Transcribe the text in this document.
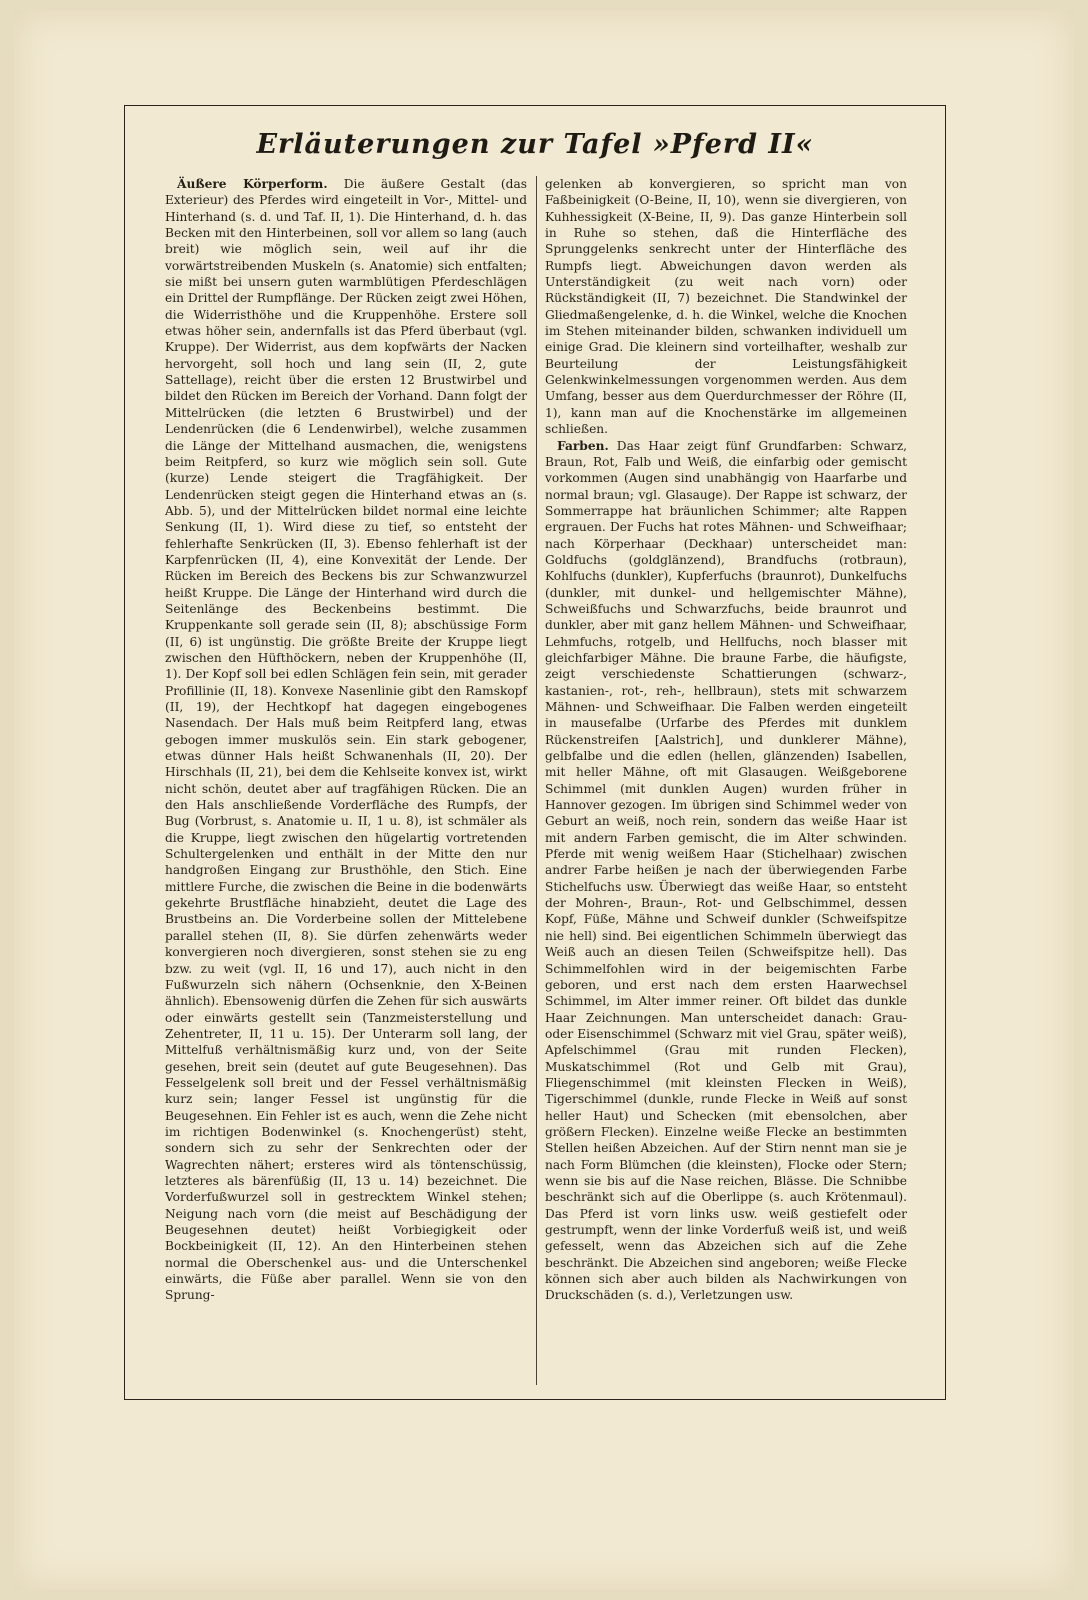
Erläuterungen zur Tafel »Pferd II«

Äußere Körperform. Die äußere Gestalt (das Exterieur) des Pferdes wird eingeteilt in Vor-, Mittel- und Hinterhand (s. d. und Taf. II, 1). Die Hinterhand, d. h. das Becken mit den Hinterbeinen, soll vor allem so lang (auch breit) wie möglich sein, weil auf ihr die vorwärtstreibenden Muskeln (s. Anatomie) sich entfalten; sie mißt bei unsern guten warmblütigen Pferdeschlägen ein Drittel der Rumpflänge. Der Rücken zeigt zwei Höhen, die Widerristhöhe und die Kruppenhöhe. Erstere soll etwas höher sein, andernfalls ist das Pferd überbaut (vgl. Kruppe). Der Widerrist, aus dem kopfwärts der Nacken hervorgeht, soll hoch und lang sein (II, 2, gute Sattellage), reicht über die ersten 12 Brustwirbel und bildet den Rücken im Bereich der Vorhand. Dann folgt der Mittelrücken (die letzten 6 Brustwirbel) und der Lendenrücken (die 6 Lendenwirbel), welche zusammen die Länge der Mittelhand ausmachen, die, wenigstens beim Reitpferd, so kurz wie möglich sein soll. Gute (kurze) Lende steigert die Tragfähigkeit. Der Lendenrücken steigt gegen die Hinterhand etwas an (s. Abb. 5), und der Mittelrücken bildet normal eine leichte Senkung (II, 1). Wird diese zu tief, so entsteht der fehlerhafte Senkrücken (II, 3). Ebenso fehlerhaft ist der Karpfenrücken (II, 4), eine Konvexität der Lende. Der Rücken im Bereich des Beckens bis zur Schwanzwurzel heißt Kruppe. Die Länge der Hinterhand wird durch die Seitenlänge des Beckenbeins bestimmt. Die Kruppenkante soll gerade sein (II, 8); abschüssige Form (II, 6) ist ungünstig. Die größte Breite der Kruppe liegt zwischen den Hüfthöckern, neben der Kruppenhöhe (II, 1). Der Kopf soll bei edlen Schlägen fein sein, mit gerader Profillinie (II, 18). Konvexe Nasenlinie gibt den Ramskopf (II, 19), der Hechtkopf hat dagegen eingebogenes Nasendach. Der Hals muß beim Reitpferd lang, etwas gebogen immer muskulös sein. Ein stark gebogener, etwas dünner Hals heißt Schwanenhals (II, 20). Der Hirschhals (II, 21), bei dem die Kehlseite konvex ist, wirkt nicht schön, deutet aber auf tragfähigen Rücken. Die an den Hals anschließende Vorderfläche des Rumpfs, der Bug (Vorbrust, s. Anatomie u. II, 1 u. 8), ist schmäler als die Kruppe, liegt zwischen den hügelartig vortretenden Schultergelenken und enthält in der Mitte den nur handgroßen Eingang zur Brusthöhle, den Stich. Eine mittlere Furche, die zwischen die Beine in die bodenwärts gekehrte Brustfläche hinabzieht, deutet die Lage des Brustbeins an. Die Vorderbeine sollen der Mittelebene parallel stehen (II, 8). Sie dürfen zehenwärts weder konvergieren noch divergieren, sonst stehen sie zu eng bzw. zu weit (vgl. II, 16 und 17), auch nicht in den Fußwurzeln sich nähern (Ochsenknie, den X-Beinen ähnlich). Ebensowenig dürfen die Zehen für sich auswärts oder einwärts gestellt sein (Tanzmeisterstellung und Zehentreter, II, 11 u. 15). Der Unterarm soll lang, der Mittelfuß verhältnismäßig kurz und, von der Seite gesehen, breit sein (deutet auf gute Beugesehnen). Das Fesselgelenk soll breit und der Fessel verhältnismäßig kurz sein; langer Fessel ist ungünstig für die Beugesehnen. Ein Fehler ist es auch, wenn die Zehe nicht im richtigen Bodenwinkel (s. Knochengerüst) steht, sondern sich zu sehr der Senkrechten oder der Wagrechten nähert; ersteres wird als töntenschüssig, letzteres als bärenfüßig (II, 13 u. 14) bezeichnet. Die Vorderfußwurzel soll in gestrecktem Winkel stehen; Neigung nach vorn (die meist auf Beschädigung der Beugesehnen deutet) heißt Vorbiegigkeit oder Bockbeinigkeit (II, 12). An den Hinterbeinen stehen normal die Oberschenkel aus- und die Unterschenkel einwärts, die Füße aber parallel. Wenn sie von den Sprung-

gelenken ab konvergieren, so spricht man von Faßbeinigkeit (O-Beine, II, 10), wenn sie divergieren, von Kuhhessigkeit (X-Beine, II, 9). Das ganze Hinterbein soll in Ruhe so stehen, daß die Hinterfläche des Sprunggelenks senkrecht unter der Hinterfläche des Rumpfs liegt. Abweichungen davon werden als Unterständigkeit (zu weit nach vorn) oder Rückständigkeit (II, 7) bezeichnet. Die Standwinkel der Gliedmaßengelenke, d. h. die Winkel, welche die Knochen im Stehen miteinander bilden, schwanken individuell um einige Grad. Die kleinern sind vorteilhafter, weshalb zur Beurteilung der Leistungsfähigkeit Gelenkwinkelmessungen vorgenommen werden. Aus dem Umfang, besser aus dem Querdurchmesser der Röhre (II, 1), kann man auf die Knochenstärke im allgemeinen schließen.

Farben. Das Haar zeigt fünf Grundfarben: Schwarz, Braun, Rot, Falb und Weiß, die einfarbig oder gemischt vorkommen (Augen sind unabhängig von Haarfarbe und normal braun; vgl. Glasauge). Der Rappe ist schwarz, der Sommerrappe hat bräunlichen Schimmer; alte Rappen ergrauen. Der Fuchs hat rotes Mähnen- und Schweifhaar; nach Körperhaar (Deckhaar) unterscheidet man: Goldfuchs (goldglänzend), Brandfuchs (rotbraun), Kohlfuchs (dunkler), Kupferfuchs (braunrot), Dunkelfuchs (dunkler, mit dunkel- und hellgemischter Mähne), Schweißfuchs und Schwarzfuchs, beide braunrot und dunkler, aber mit ganz hellem Mähnen- und Schweifhaar, Lehmfuchs, rotgelb, und Hellfuchs, noch blasser mit gleichfarbiger Mähne. Die braune Farbe, die häufigste, zeigt verschiedenste Schattierungen (schwarz-, kastanien-, rot-, reh-, hellbraun), stets mit schwarzem Mähnen- und Schweifhaar. Die Falben werden eingeteilt in mausefalbe (Urfarbe des Pferdes mit dunklem Rückenstreifen [Aalstrich], und dunklerer Mähne), gelbfalbe und die edlen (hellen, glänzenden) Isabellen, mit heller Mähne, oft mit Glasaugen. Weißgeborene Schimmel (mit dunklen Augen) wurden früher in Hannover gezogen. Im übrigen sind Schimmel weder von Geburt an weiß, noch rein, sondern das weiße Haar ist mit andern Farben gemischt, die im Alter schwinden. Pferde mit wenig weißem Haar (Stichelhaar) zwischen andrer Farbe heißen je nach der überwiegenden Farbe Stichelfuchs usw. Überwiegt das weiße Haar, so entsteht der Mohren-, Braun-, Rot- und Gelbschimmel, dessen Kopf, Füße, Mähne und Schweif dunkler (Schweifspitze nie hell) sind. Bei eigentlichen Schimmeln überwiegt das Weiß auch an diesen Teilen (Schweifspitze hell). Das Schimmelfohlen wird in der beigemischten Farbe geboren, und erst nach dem ersten Haarwechsel Schimmel, im Alter immer reiner. Oft bildet das dunkle Haar Zeichnungen. Man unterscheidet danach: Grau- oder Eisenschimmel (Schwarz mit viel Grau, später weiß), Apfelschimmel (Grau mit runden Flecken), Muskatschimmel (Rot und Gelb mit Grau), Fliegenschimmel (mit kleinsten Flecken in Weiß), Tigerschimmel (dunkle, runde Flecke in Weiß auf sonst heller Haut) und Schecken (mit ebensolchen, aber größern Flecken). Einzelne weiße Flecke an bestimmten Stellen heißen Abzeichen. Auf der Stirn nennt man sie je nach Form Blümchen (die kleinsten), Flocke oder Stern; wenn sie bis auf die Nase reichen, Blässe. Die Schnibbe beschränkt sich auf die Oberlippe (s. auch Krötenmaul). Das Pferd ist vorn links usw. weiß gestiefelt oder gestrumpft, wenn der linke Vorderfuß weiß ist, und weiß gefesselt, wenn das Abzeichen sich auf die Zehe beschränkt. Die Abzeichen sind angeboren; weiße Flecke können sich aber auch bilden als Nachwirkungen von Druckschäden (s. d.), Verletzungen usw.
